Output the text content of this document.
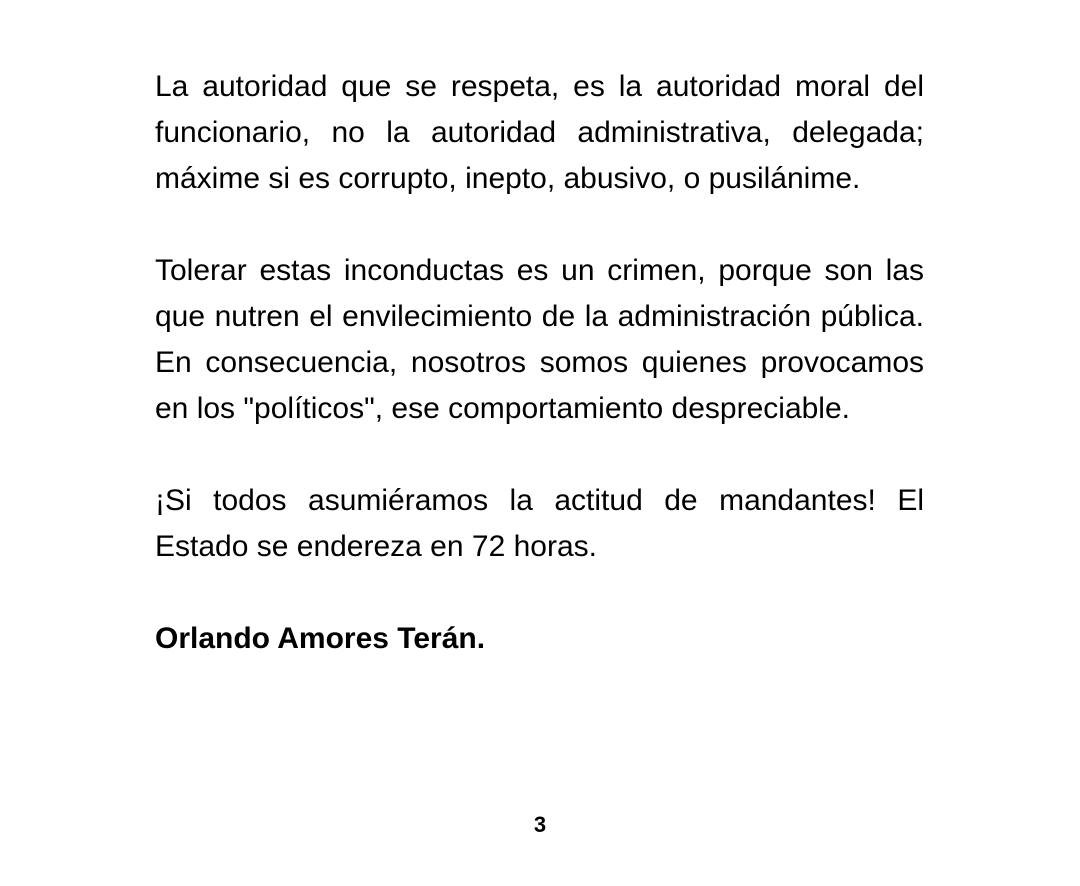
La autoridad que se respeta, es la autoridad moral del funcionario, no la autoridad administrativa, delegada; máxime si es corrupto, inepto, abusivo, o pusilánime.

Tolerar estas inconductas es un crimen, porque son las que nutren el envilecimiento de la administración pública. En consecuencia, nosotros somos quienes provocamos en los "políticos", ese comportamiento despreciable.

¡Si todos asumiéramos la actitud de mandantes! El Estado se endereza en 72 horas.

Orlando Amores Terán.

3
